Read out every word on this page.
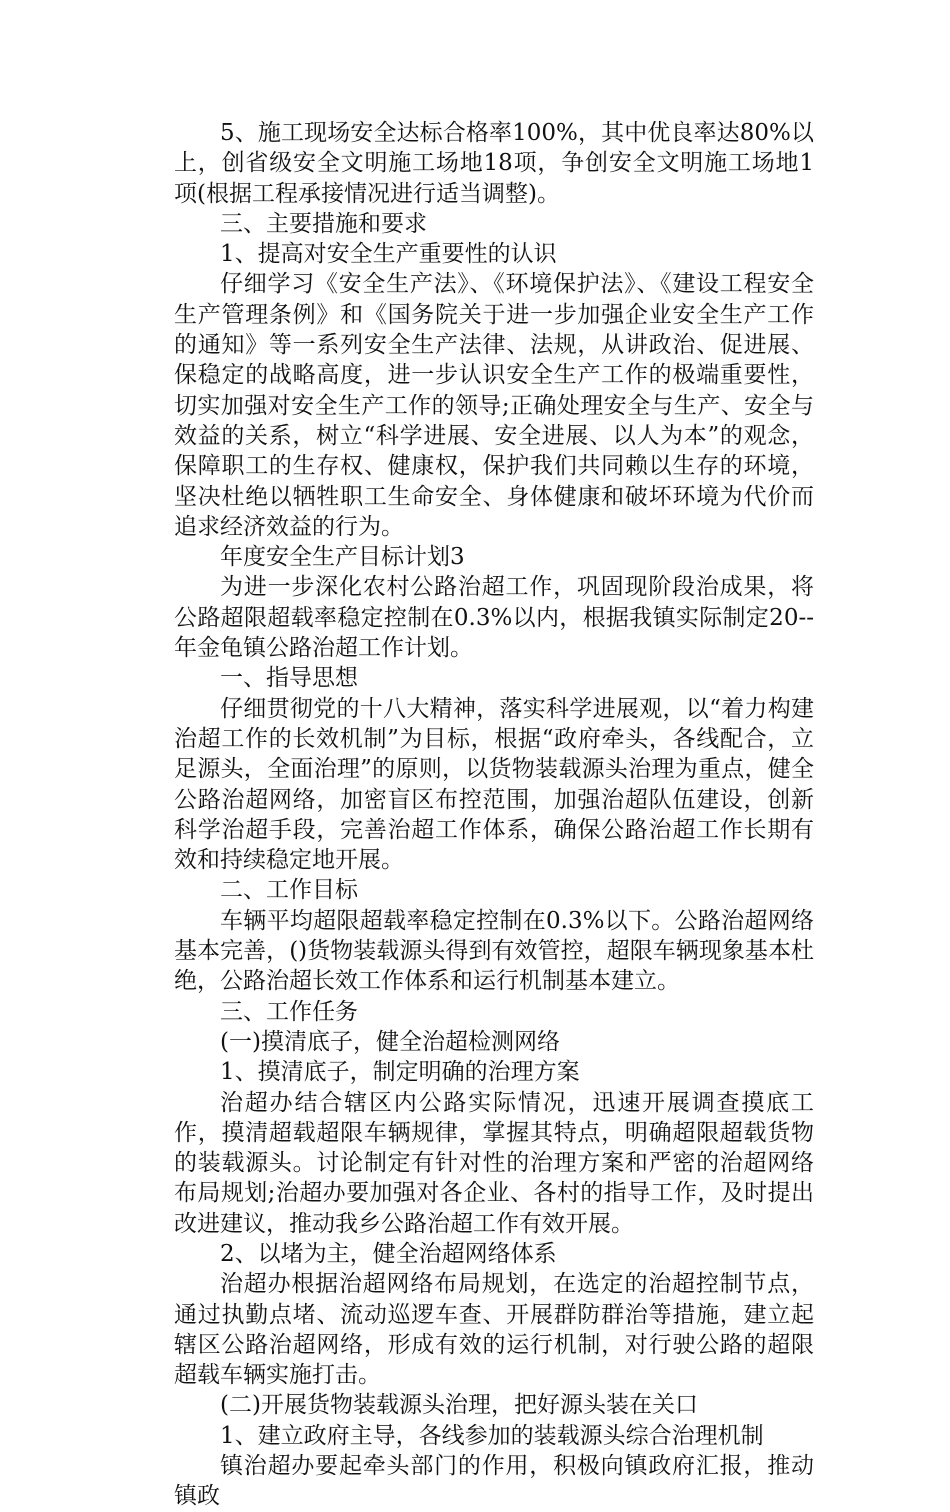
5、施工现场安全达标合格率100%，其中优良率达80%以上，创省级安全文明施工场地18项，争创安全文明施工场地1项(根据工程承接情况进行适当调整)。

三、主要措施和要求

1、提高对安全生产重要性的认识

仔细学习《安全生产法》、《环境保护法》、《建设工程安全生产管理条例》和《国务院关于进一步加强企业安全生产工作的通知》等一系列安全生产法律、法规，从讲政治、促进展、保稳定的战略高度，进一步认识安全生产工作的极端重要性，切实加强对安全生产工作的领导;正确处理安全与生产、安全与效益的关系，树立“科学进展、安全进展、以人为本”的观念，保障职工的生存权、健康权，保护我们共同赖以生存的环境，坚决杜绝以牺牲职工生命安全、身体健康和破坏环境为代价而追求经济效益的行为。

年度安全生产目标计划3

为进一步深化农村公路治超工作，巩固现阶段治成果，将公路超限超载率稳定控制在0.3%以内，根据我镇实际制定20--年金龟镇公路治超工作计划。

一、指导思想

仔细贯彻党的十八大精神，落实科学进展观，以“着力构建治超工作的长效机制”为目标，根据“政府牵头，各线配合，立足源头，全面治理”的原则，以货物装载源头治理为重点，健全公路治超网络，加密盲区布控范围，加强治超队伍建设，创新科学治超手段，完善治超工作体系，确保公路治超工作长期有效和持续稳定地开展。

二、工作目标

车辆平均超限超载率稳定控制在0.3%以下。公路治超网络基本完善，()货物装载源头得到有效管控，超限车辆现象基本杜绝，公路治超长效工作体系和运行机制基本建立。

三、工作任务

(一)摸清底子，健全治超检测网络

1、摸清底子，制定明确的治理方案

治超办结合辖区内公路实际情况，迅速开展调查摸底工作，摸清超载超限车辆规律，掌握其特点，明确超限超载货物的装载源头。讨论制定有针对性的治理方案和严密的治超网络布局规划;治超办要加强对各企业、各村的指导工作，及时提出改进建议，推动我乡公路治超工作有效开展。

2、以堵为主，健全治超网络体系

治超办根据治超网络布局规划，在选定的治超控制节点，通过执勤点堵、流动巡逻车查、开展群防群治等措施，建立起辖区公路治超网络，形成有效的运行机制，对行驶公路的超限超载车辆实施打击。

(二)开展货物装载源头治理，把好源头装在关口

1、建立政府主导，各线参加的装载源头综合治理机制

镇治超办要起牵头部门的作用，积极向镇政府汇报，推动镇政
